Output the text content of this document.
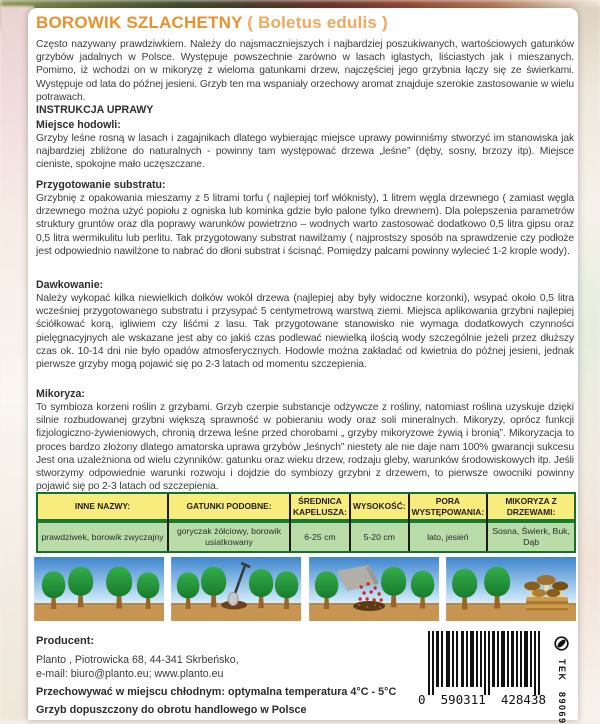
BOROWIK SZLACHETNY ( Boletus edulis )
Często nazywany prawdziwkiem. Należy do najsmaczniejszych i najbardziej poszukiwanych, wartościowych gatunków grzybów jadalnych w Polsce. Występuje powszechnie zarówno w lasach iglastych, liściastych jak i mieszanych. Pomimo, iż wchodzi on w mikoryzę z wieloma gatunkami drzew, najczęściej jego grzybnia łączy się ze świerkami. Występuje od lata do późnej jesieni. Grzyb ten ma wspaniały orzechowy aromat znajduje szerokie zastosowanie w wielu potrawach.
INSTRUKCJA UPRAWY
Miejsce hodowli:
Grzyby leśne rosną w lasach i zagajnikach dlatego wybierając miejsce uprawy powinniśmy stworzyć im stanowiska jak najbardziej zbliżone do naturalnych - powinny tam występować drzewa „leśne” (dęby, sosny, brzozy itp). Miejsce cieniste, spokojne mało uczęszczane.
Przygotowanie substratu:
Grzybnię z opakowania mieszamy z 5 litrami torfu ( najlepiej torf włóknisty), 1 litrem węgla drzewnego ( zamiast węgla drzewnego można użyć popiołu z ogniska lub kominka gdzie było palone tylko drewnem). Dla polepszenia parametrów struktury gruntów oraz dla poprawy warunków powietrzno – wodnych warto zastosować dodatkowo 0,5 litra gipsu oraz 0,5 litra wermikulitu lub perlitu. Tak przygotowany substrat nawilżamy ( najprostszy sposób na sprawdzenie czy podłoże jest odpowiednio nawilżone to nabrać do dłoni substrat i ścisnąć. Pomiędzy palcami powinny wylecieć 1-2 krople wody).
Dawkowanie:
Należy wykopać kilka niewielkich dołków wokół drzewa (najlepiej aby były widoczne korzonki), wsypać około 0,5 litra wcześniej przygotowanego substratu i przysypać 5 centymetrową warstwą ziemi. Miejsca aplikowania grzybni najlepiej ściółkować korą, igliwiem czy liśćmi z lasu. Tak przygotowane stanowisko nie wymaga dodatkowych czynności pielęgnacyjnych ale wskazane jest aby co jakiś czas podlewać niewielką ilością wody szczególnie jeżeli przez dłuższy czas ok. 10-14 dni nie było opadów atmosferycznych. Hodowle można zakładać od kwietnia do późnej jesieni, jednak pierwsze grzyby mogą pojawić się po 2-3 latach od momentu szczepienia.
Mikoryza:
To symbioza korzeni roślin z grzybami. Grzyb czerpie substancje odżywcze z rośliny, natomiast roślina uzyskuje dzięki silnie rozbudowanej grzybni większą sprawność w pobieraniu wody oraz soli mineralnych. Mikoryzy, oprócz funkcji fizjologiczno-żywieniowych, chronią drzewa leśne przed chorobami „ grzyby mikoryzowe żywią i bronią”. Mikoryzacja to proces bardzo złożony dlatego amatorska uprawa grzybów „leśnych” niestety ale nie daje nam 100% gwarancji sukcesu Jest ona uzależniona od wielu czynników: gatunku oraz wieku drzew, rodzaju gleby, warunków środowiskowych itp. Jeśli stworzymy odpowiednie warunki rozwoju i dojdzie do symbiozy grzybni z drzewem, to pierwsze owocniki powinny pojawić się po 2-3 latach od szczepienia.
INNE NAZWY:
prawdziwek, borowik zwyczajny
GATUNKI PODOBNE:
goryczak żółciowy, borowik usiatkowany
ŚREDNICA KAPELUSZA:
6-25 cm
WYSOKOŚĆ:
5-20 cm
PORA WYSTĘPOWANIA:
lato, jesień
MIKORYZA Z DRZEWAMI:
Sosna, Świerk, Buk, Dąb
Producent:
Planto , Piotrowicka 68, 44-341 Skrbeńsko,
e-mail: biuro@planto.eu; www.planto.eu
Przechowywać w miejscu chłodnym: optymalna temperatura 4°C - 5°C
Grzyb dopuszczony do obrotu handlowego w Polsce
0 590311 428438
TEK 89069
